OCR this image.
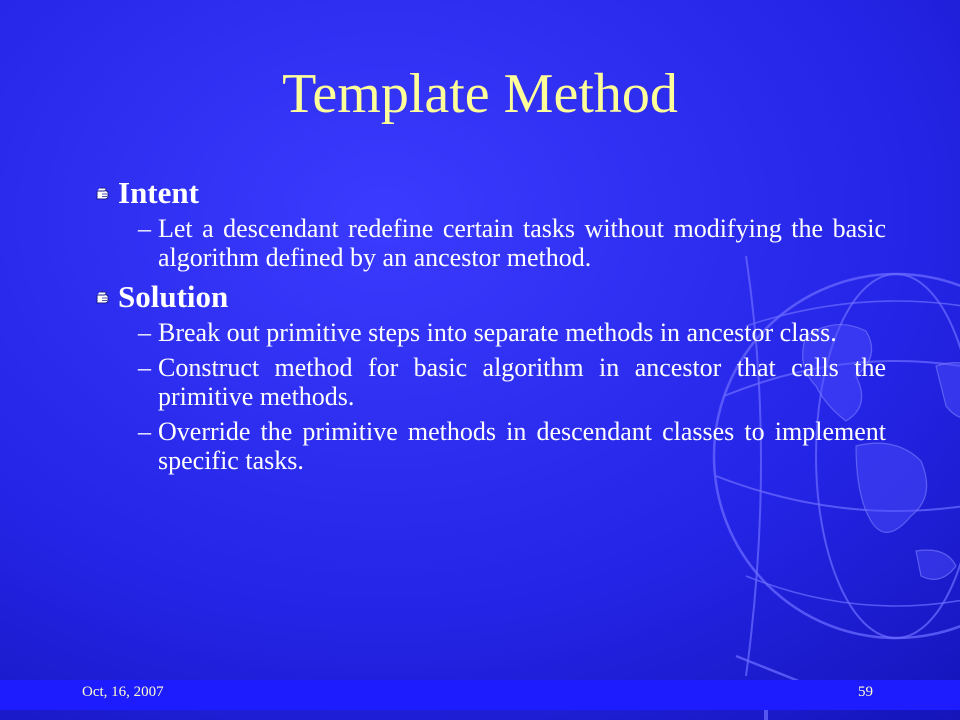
Template Method

Intent

– Let a descendant redefine certain tasks without modifying the basic algorithm defined by an ancestor method.

Solution

– Break out primitive steps into separate methods in ancestor class.
– Construct method for basic algorithm in ancestor that calls the primitive methods.
– Override the primitive methods in descendant classes to implement specific tasks.
Oct, 16, 2007	59
